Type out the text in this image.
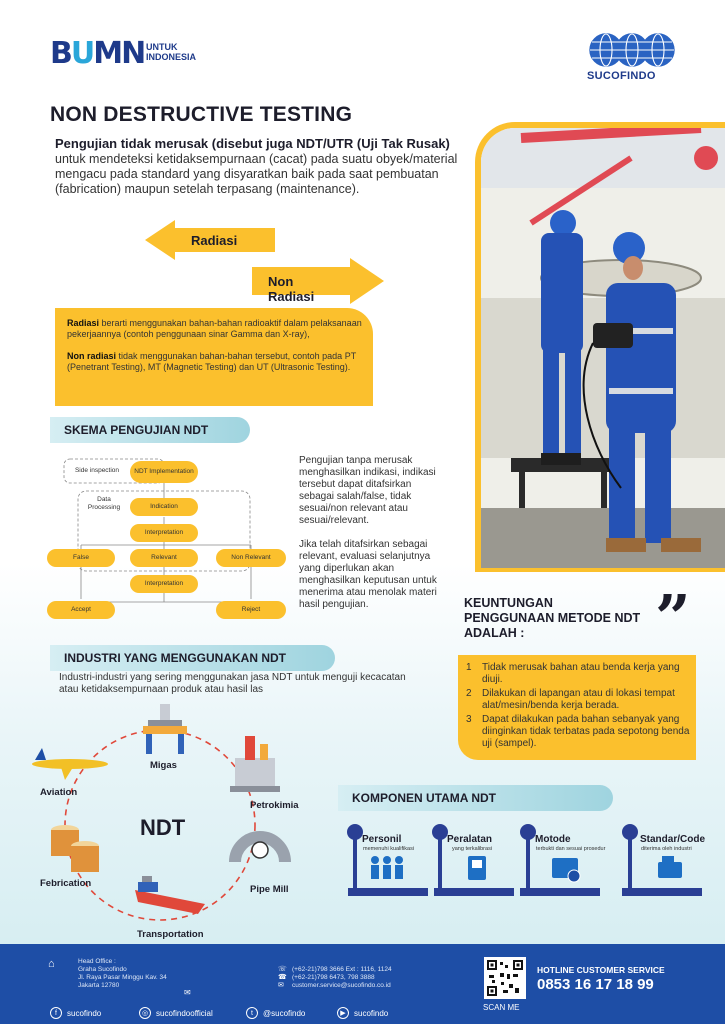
BUMN UNTUK
INDONESIA
SUCOFINDO
NON DESTRUCTIVE TESTING
Pengujian tidak merusak (disebut juga NDT/UTR (Uji Tak Rusak)
untuk mendeteksi ketidaksempurnaan (cacat) pada suatu obyek/material mengacu pada standard yang disyaratkan baik pada saat pembuatan (fabrication) maupun setelah terpasang (maintenance).
Radiasi
Non Radiasi

Radiasi berarti menggunakan bahan-bahan radioaktif dalam pelaksanaan pekerjaannya (contoh penggunaan sinar Gamma dan X-ray),

Non radiasi tidak menggunakan bahan-bahan tersebut, contoh pada PT (Penetrant Testing), MT (Magnetic Testing) dan UT (Ultrasonic Testing).

SKEMA PENGUJIAN NDT
Side inspection	NDT Implementation
Data Processing	Indication
Interpretation
False	Relevant	Non Relevant
Interpretation
Accept	Reject

Pengujian tanpa merusak menghasilkan indikasi, indikasi tersebut dapat ditafsirkan sebagai salah/false, tidak sesuai/non relevant atau sesuai/relevant.

Jika telah ditafsirkan sebagai relevant, evaluasi selanjutnya yang diperlukan akan menghasilkan keputusan untuk menerima atau menolak materi hasil pengujian.	KEUNTUNGAN PENGGUNAAN METODE NDT ADALAH :	”
1	Tidak merusak bahan atau benda kerja yang diuji.
2	Dilakukan di lapangan atau di lokasi tempat alat/mesin/benda kerja berada.
3	Dapat dilakukan pada bahan sebanyak yang diinginkan tidak terbatas pada sepotong benda uji (sampel).
INDUSTRI YANG MENGGUNAKAN NDT
Industri-industri yang sering menggunakan jasa NDT untuk menguji kecacatan atau ketidaksempurnaan produk atau hasil las
NDT
Migas
Aviation
Petrokimia
Febrication
Pipe Mill
Transportation
KOMPONEN UTAMA NDT
Personil
memenuhi kualifikasi
Peralatan
yang terkalibrasi
Motode
terbukti dan sesuai prosedur
Standar/Code
diterima oleh industri
⌂	Head Office :
Graha Sucofindo
Jl. Raya Pasar Minggu Kav. 34
Jakarta 12780
✉
☏
☎
✉
(+62-21)798 3666 Ext : 1116, 1124
(+62-21)798 6473, 798 3888
customer.service@sucofindo.co.id
SCAN ME
HOTLINE CUSTOMER SERVICE
0853 16 17 18 99
f	sucofindo	◎ sucofindoofficial	t	@sucofindo	▶	sucofindo
